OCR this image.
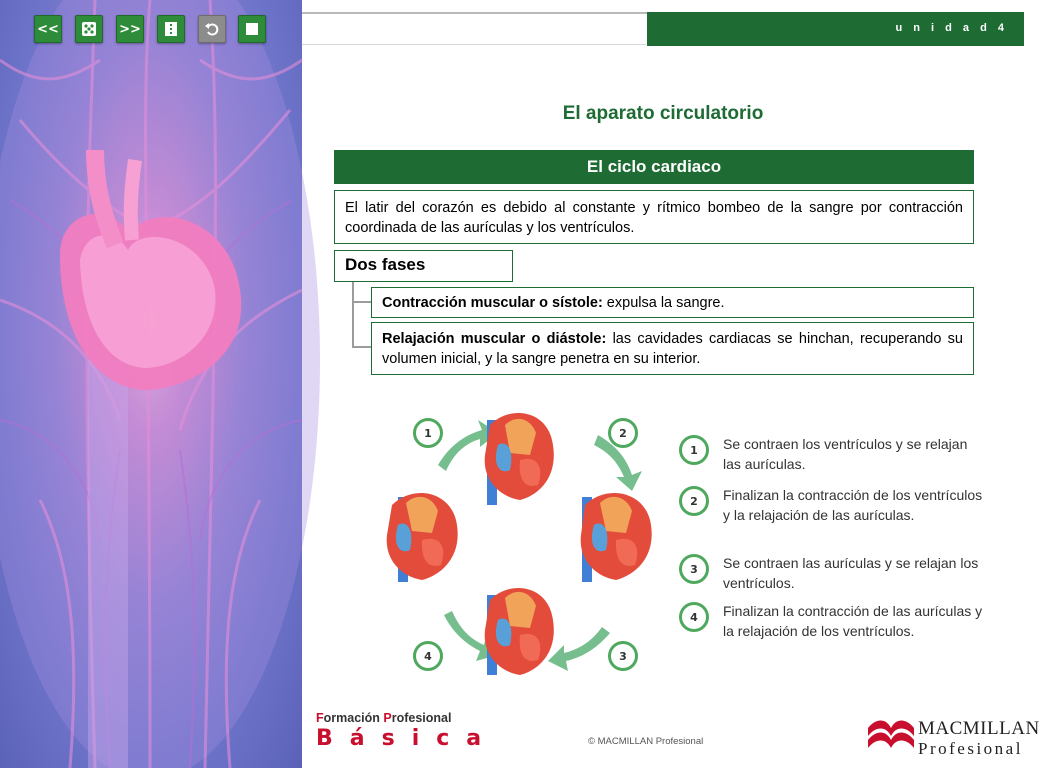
<<	>>	u n i d a d 4
El aparato circulatorio
El ciclo cardiaco
El latir del corazón es debido al constante y rítmico bombeo de la sangre por contracción coordinada de las aurículas y los ventrículos.
Dos fases
Contracción muscular o sístole: expulsa la sangre.
Relajación muscular o diástole: las cavidades cardiacas se hinchan, recuperando su volumen inicial, y la sangre penetra en su interior.
1	2
3
4
1	Se contraen los ventrículos y se relajan las aurículas.
2	Finalizan la contracción de los ventrículos y la relajación de las aurículas.
3	Se contraen las aurículas y se relajan los ventrículos.
4	Finalizan la contracción de las aurículas y la relajación de los ventrículos.
Formación Profesional
Básica	© MACMILLAN Profesional
MACMILLAN
Profesional
